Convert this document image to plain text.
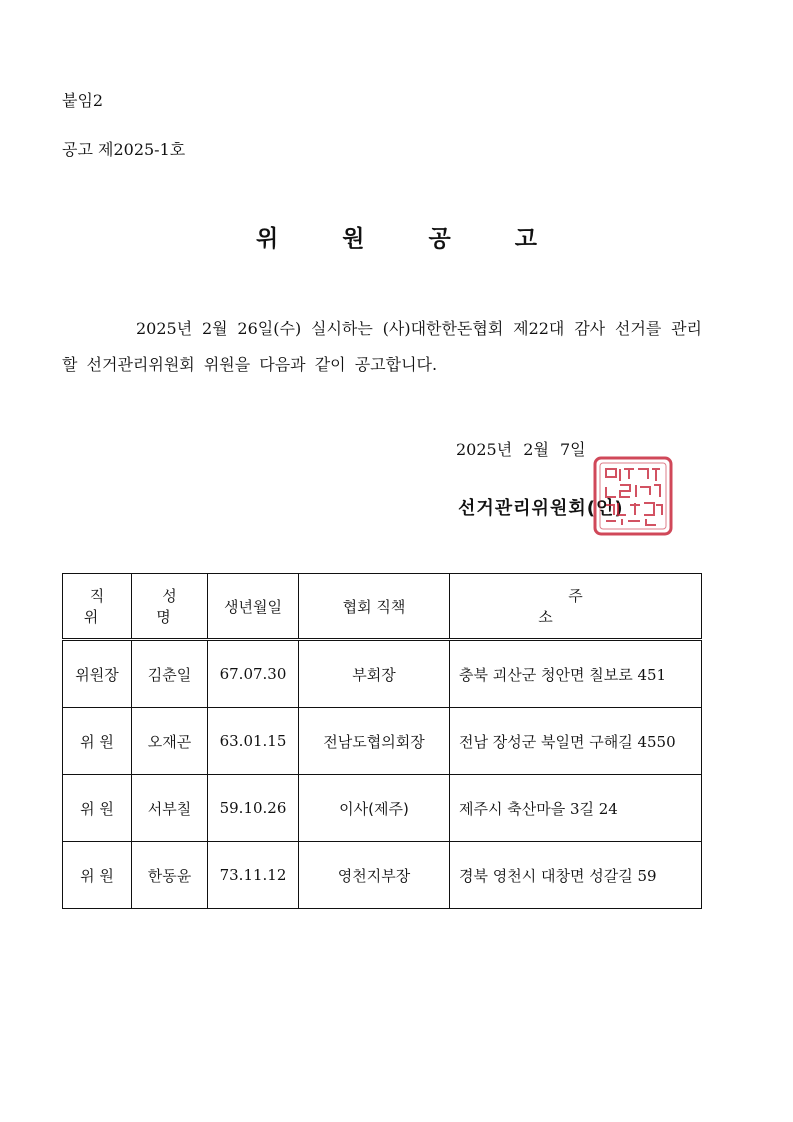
붙임2
공고 제2025-1호
위 원 공 고
2025년 2월 26일(수) 실시하는 (사)대한한돈협회 제22대 감사 선거를 관리할 선거관리위원회 위원을 다음과 같이 공고합니다.
2025년 2월 7일
선거관리위원회(인)
직 위	성 명	생년월일	협회 직책	주 소
위원장	김춘일	67.07.30	부회장	충북 괴산군 청안면 칠보로 451
위 원	오재곤	63.01.15	전남도협의회장	전남 장성군 북일면 구해길 4550
위 원	서부칠	59.10.26	이사(제주)	제주시 축산마을 3길 24
위 원	한동윤	73.11.12	영천지부장	경북 영천시 대창면 성갈길 59
